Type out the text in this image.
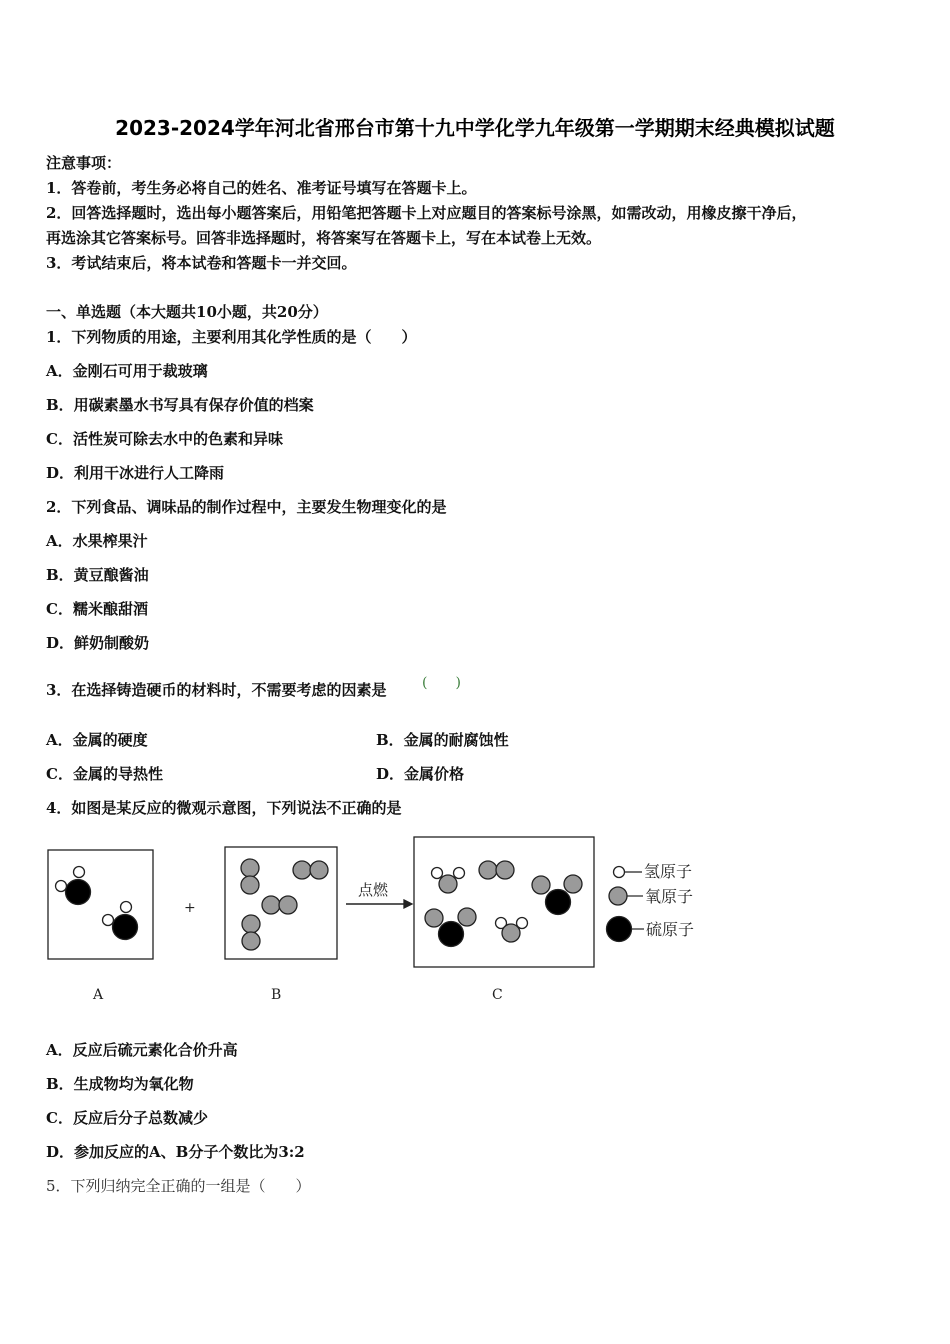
2023-2024学年河北省邢台市第十九中学化学九年级第一学期期末经典模拟试题
注意事项：
1．答卷前，考生务必将自己的姓名、准考证号填写在答题卡上。
2．回答选择题时，选出每小题答案后，用铅笔把答题卡上对应题目的答案标号涂黑，如需改动，用橡皮擦干净后，
再选涂其它答案标号。回答非选择题时，将答案写在答题卡上，写在本试卷上无效。
3．考试结束后，将本试卷和答题卡一并交回。
一、单选题（本大题共10小题，共20分）
1．下列物质的用途，主要利用其化学性质的是（　　）
A．金刚石可用于裁玻璃
B．用碳素墨水书写具有保存价值的档案
C．活性炭可除去水中的色素和异味
D．利用干冰进行人工降雨
2．下列食品、调味品的制作过程中，主要发生物理变化的是
A．水果榨果汁
B．黄豆酿酱油
C．糯米酿甜酒
D．鲜奶制酸奶
3．在选择铸造硬币的材料时，不需要考虑的因素是	(　　)
A．金属的硬度	B．金属的耐腐蚀性
C．金属的导热性	D．金属价格
4．如图是某反应的微观示意图，下列说法不正确的是
+
点燃
A	B	C
氢原子
氧原子
硫原子
A．反应后硫元素化合价升高
B．生成物均为氧化物
C．反应后分子总数减少
D．参加反应的A、B分子个数比为3:2
5．下列归纳完全正确的一组是（　　）
